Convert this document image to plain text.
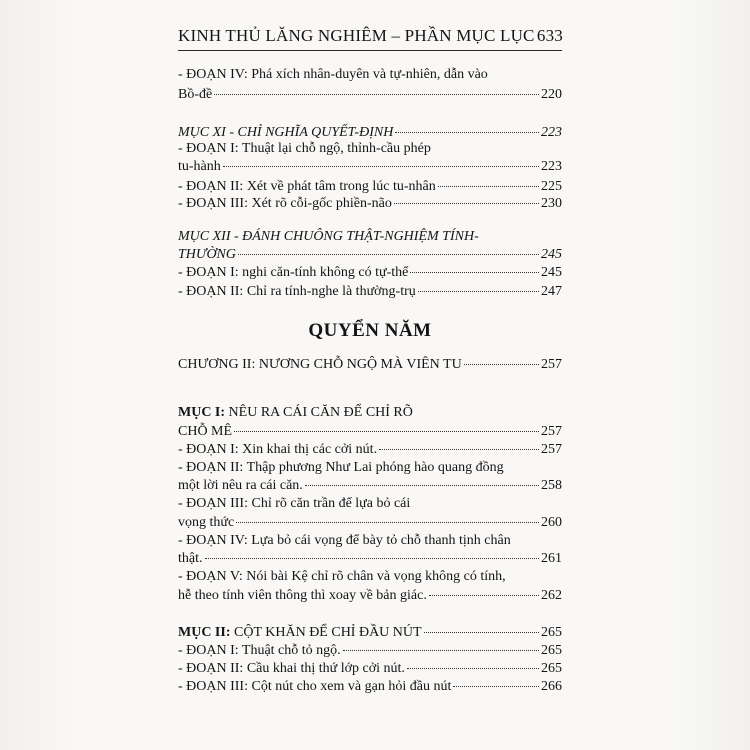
KINH THỦ LĂNG NGHIÊM – PHẦN MỤC LỤC 633
- ĐOẠN IV: Phá xích nhân-duyên và tự-nhiên, dẫn vào
Bồ-đề	220
MỤC XI - CHỈ NGHĨA QUYẾT-ĐỊNH	223
- ĐOẠN I: Thuật lại chỗ ngộ, thỉnh-cầu phép
tu-hành	223
- ĐOẠN II: Xét về phát tâm trong lúc tu-nhân	225
- ĐOẠN III: Xét rõ cỗi-gốc phiền-não	230
MỤC XII - ĐÁNH CHUÔNG THẬT-NGHIỆM TÍNH-
THƯỜNG	245
- ĐOẠN I: nghi căn-tính không có tự-thể	245
- ĐOẠN II: Chỉ ra tính-nghe là thường-trụ	247
QUYỂN NĂM
CHƯƠNG II: NƯƠNG CHỖ NGỘ MÀ VIÊN TU	257
MỤC I: NÊU RA CÁI CĂN ĐỂ CHỈ RÕ
CHỖ MÊ	257
- ĐOẠN I: Xin khai thị các cởi nút.	257
- ĐOẠN II: Thập phương Như Lai phóng hào quang đồng
một lời nêu ra cái căn.	258
- ĐOẠN III: Chỉ rõ căn trần để lựa bỏ cái
vọng thức	260
- ĐOẠN IV: Lựa bỏ cái vọng để bày tỏ chỗ thanh tịnh chân
thật.	261
- ĐOẠN V: Nói bài Kệ chỉ rõ chân và vọng không có tính,
hễ theo tính viên thông thì xoay về bản giác.	262
MỤC II: CỘT KHĂN ĐỂ CHỈ ĐẦU NÚT	265
- ĐOẠN I: Thuật chỗ tỏ ngộ.	265
- ĐOẠN II: Cầu khai thị thứ lớp cởi nút.	265
- ĐOẠN III: Cột nút cho xem và gạn hỏi đầu nút	266
